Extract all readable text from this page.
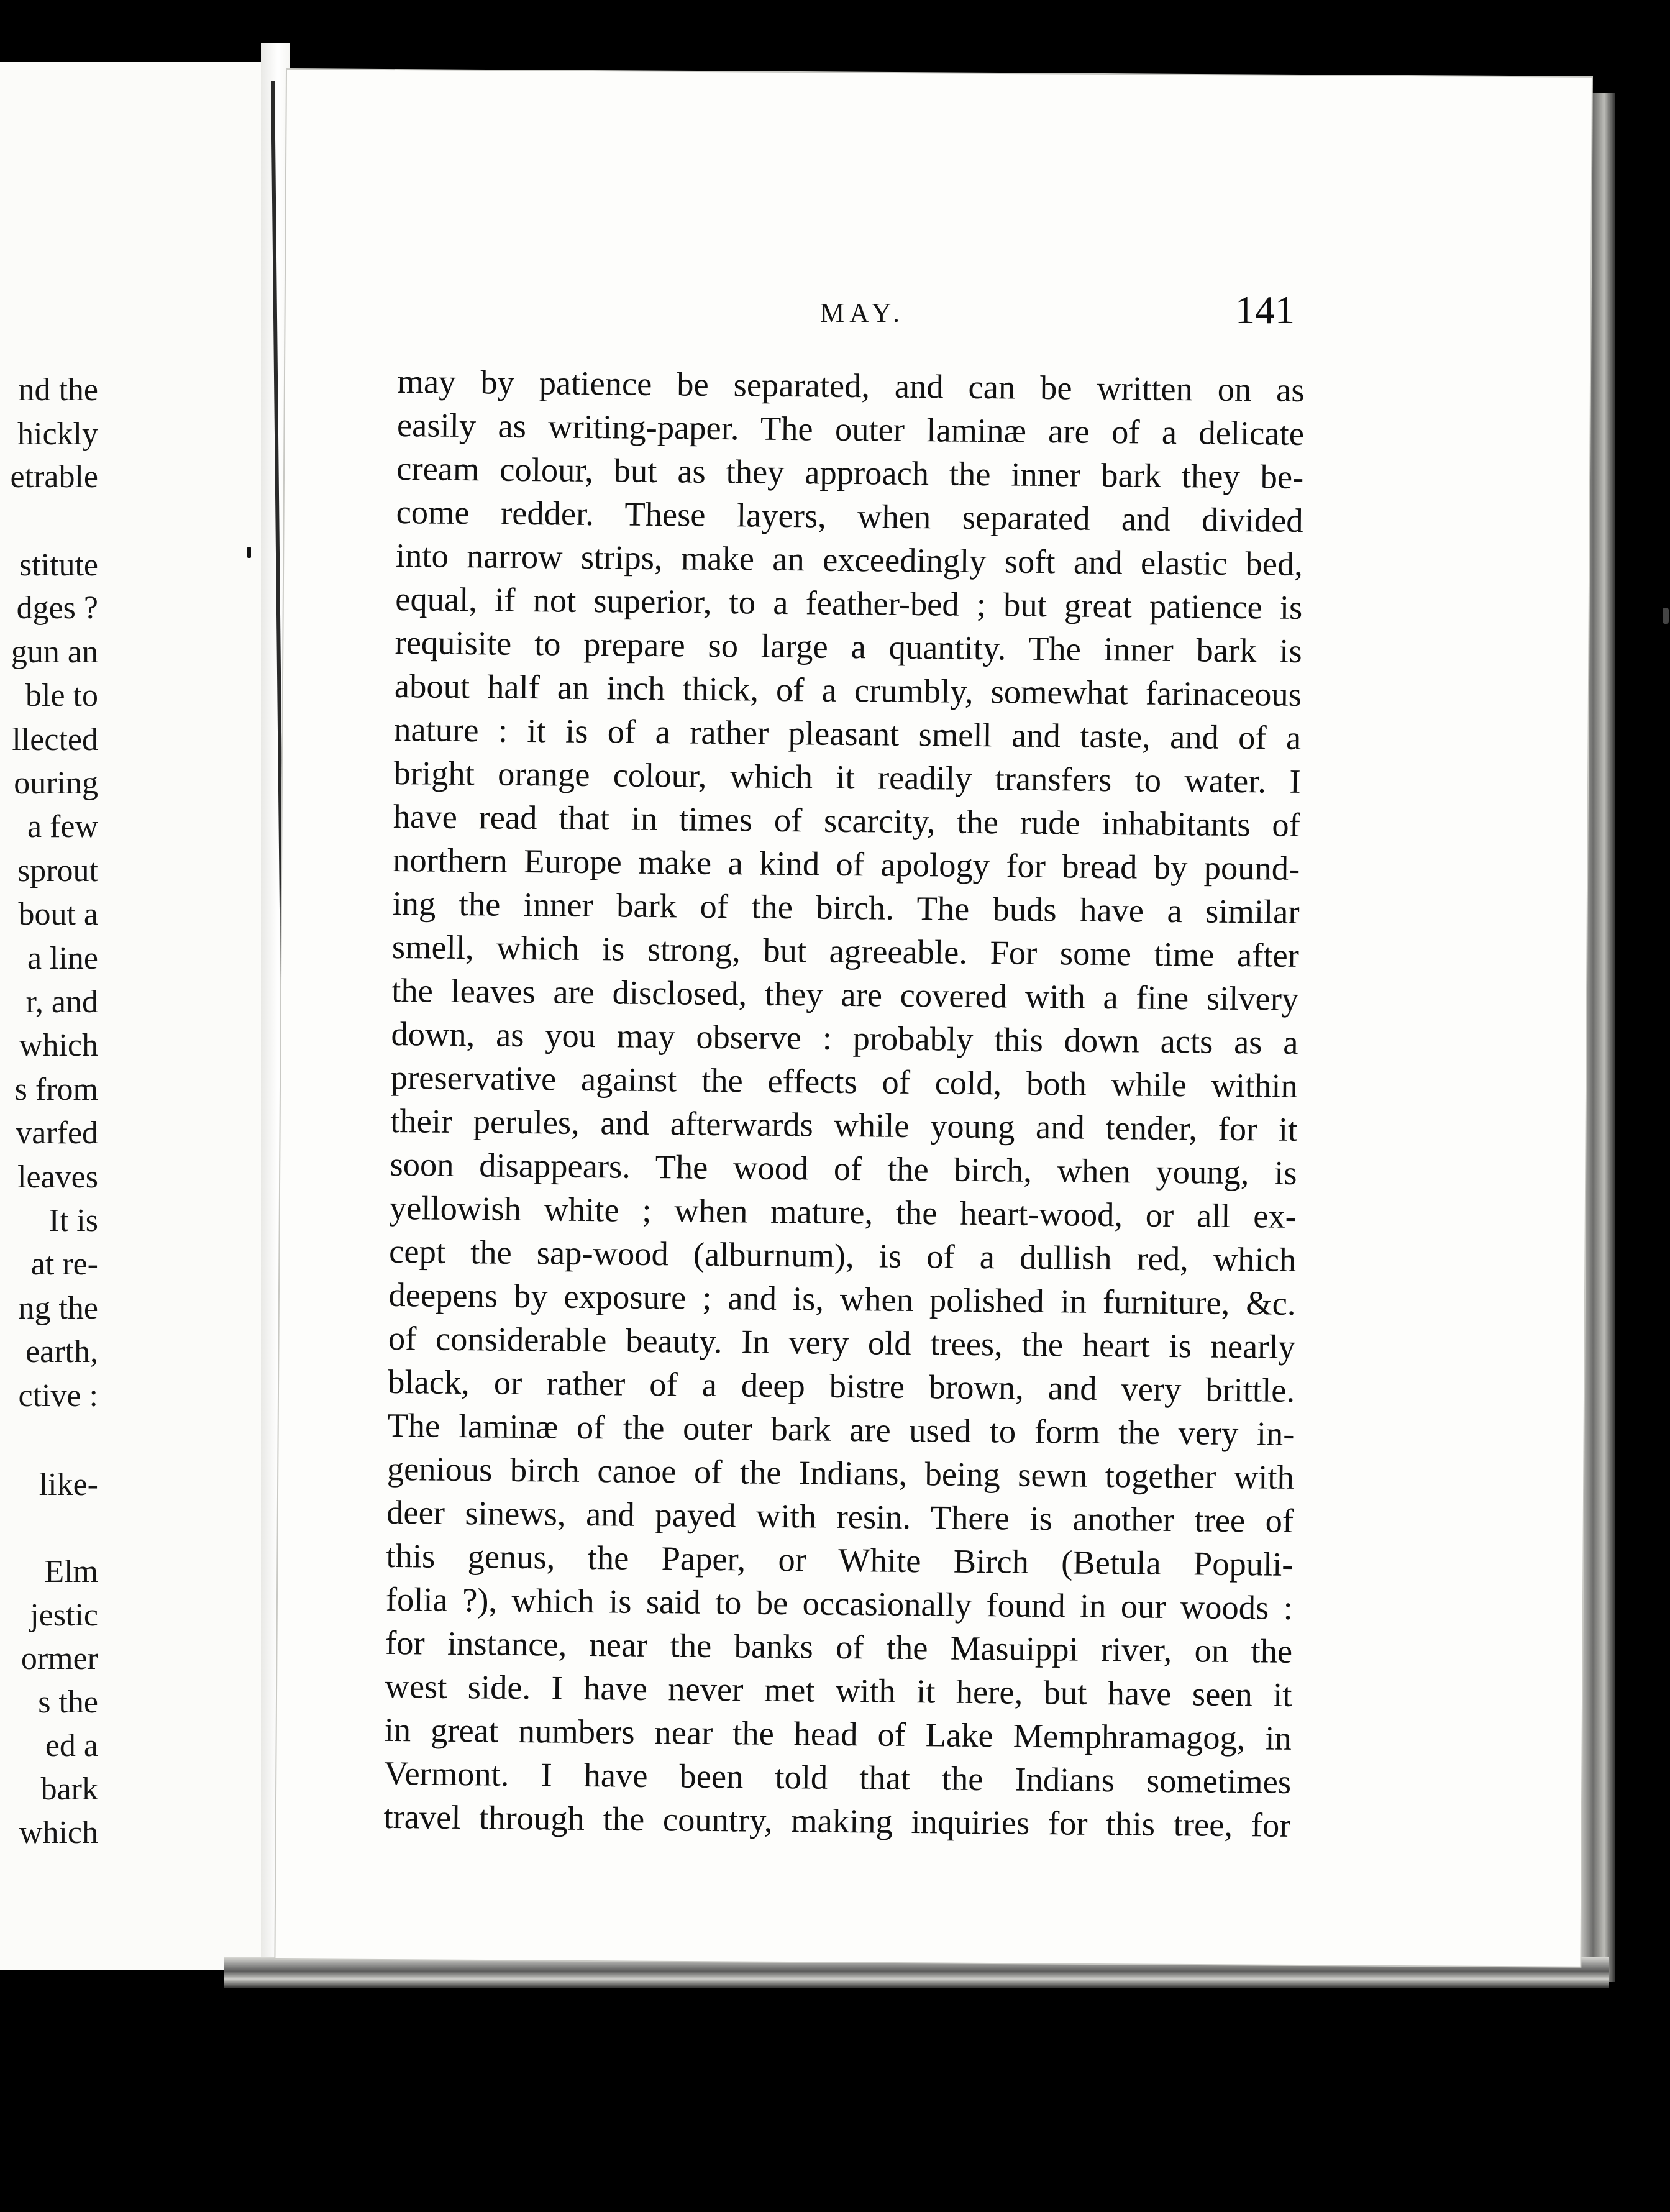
nd the
hickly
etrable
stitute
dges ?
gun an
ble to
llected
ouring
a few
sprout
bout a
a line
r, and
which
s from
varfed
leaves
It is
at re-
ng the
earth,
ctive :
like-
Elm
jestic
ormer
s the
ed a
bark
which
MAY.	141
may by patience be separated, and can be written on as
easily as writing-paper. The outer laminæ are of a delicate
cream colour, but as they approach the inner bark they be-
come redder. These layers, when separated and divided
into narrow strips, make an exceedingly soft and elastic bed,
equal, if not superior, to a feather-bed ; but great patience is
requisite to prepare so large a quantity. The inner bark is
about half an inch thick, of a crumbly, somewhat farinaceous
nature : it is of a rather pleasant smell and taste, and of a
bright orange colour, which it readily transfers to water. I
have read that in times of scarcity, the rude inhabitants of
northern Europe make a kind of apology for bread by pound-
ing the inner bark of the birch. The buds have a similar
smell, which is strong, but agreeable. For some time after
the leaves are disclosed, they are covered with a fine silvery
down, as you may observe : probably this down acts as a
preservative against the effects of cold, both while within
their perules, and afterwards while young and tender, for it
soon disappears. The wood of the birch, when young, is
yellowish white ; when mature, the heart-wood, or all ex-
cept the sap-wood (alburnum), is of a dullish red, which
deepens by exposure ; and is, when polished in furniture, &c.
of considerable beauty. In very old trees, the heart is nearly
black, or rather of a deep bistre brown, and very brittle.
The laminæ of the outer bark are used to form the very in-
genious birch canoe of the Indians, being sewn together with
deer sinews, and payed with resin. There is another tree of
this genus, the Paper, or White Birch (Betula Populi-
folia ?), which is said to be occasionally found in our woods :
for instance, near the banks of the Masuippi river, on the
west side. I have never met with it here, but have seen it
in great numbers near the head of Lake Memphramagog, in
Vermont. I have been told that the Indians sometimes
travel through the country, making inquiries for this tree, for
